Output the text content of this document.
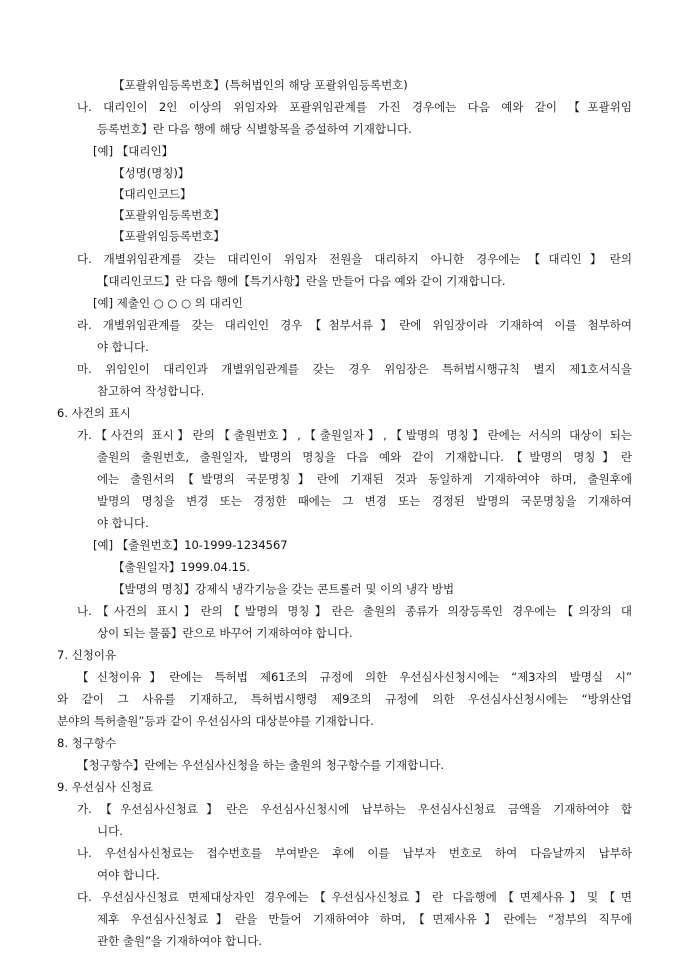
【포괄위임등록번호】(특허법인의 해당 포괄위임등록번호)
나. 대리인이 2인 이상의 위임자와 포괄위임관계를 가진 경우에는 다음 예와 같이 【포괄위임
등록번호】란 다음 행에 해당 식별항목을 증설하여 기재합니다.
[예] 【대리인】
【성명(명칭)】
【대리인코드】
【포괄위임등록번호】
【포괄위임등록번호】
다. 개별위임관계를 갖는 대리인이 위임자 전원을 대리하지 아니한 경우에는【대리인】란의
【대리인코드】란 다음 행에【특기사항】란을 만들어 다음 예와 같이 기재합니다.
[예] 제출인 ○ ○ ○ 의 대리인
라. 개별위임관계를 갖는 대리인인 경우【첨부서류】란에 위임장이라 기재하여 이를 첨부하여
야 합니다.
마. 위임인이 대리인과 개별위임관계를 갖는 경우 위임장은 특허법시행규칙 별지 제1호서식을
참고하여 작성합니다.
6. 사건의 표시
가.【사건의 표시】란의【출원번호】,【출원일자】,【발명의 명칭】란에는 서식의 대상이 되는
출원의 출원번호, 출원일자, 발명의 명칭을 다음 예와 같이 기재합니다.【발명의 명칭】란
에는 출원서의【발명의 국문명칭】란에 기재된 것과 동일하게 기재하여야 하며, 출원후에
발명의 명칭을 변경 또는 경정한 때에는 그 변경 또는 경정된 발명의 국문명칭을 기재하여
야 합니다.
[예] 【출원번호】10-1999-1234567
【출원일자】1999.04.15.
【발명의 명칭】강제식 냉각기능을 갖는 콘트롤러 및 이의 냉각 방법
나.【사건의 표시】란의【발명의 명칭】란은 출원의 종류가 의장등록인 경우에는【의장의 대
상이 되는 물품】란으로 바꾸어 기재하여야 합니다.
7. 신청이유
【신청이유】란에는 특허법 제61조의 규정에 의한 우선심사신청시에는 “제3자의 발명실 시”
와 같이 그 사유를 기재하고, 특허법시행령 제9조의 규정에 의한 우선심사신청시에는 “방위산업
분야의 특허출원”등과 같이 우선심사의 대상분야를 기재합니다.
8. 청구항수
【청구항수】란에는 우선심사신청을 하는 출원의 청구항수를 기재합니다.
9. 우선심사 신청료
가.【우선심사신청료】란은 우선심사신청시에 납부하는 우선심사신청료 금액을 기재하여야 합
니다.
나. 우선심사신청료는 접수번호를 부여받은 후에 이를 납부자 번호로 하여 다음날까지 납부하
여야 합니다.
다. 우선심사신청료 면제대상자인 경우에는【우선심사신청료】란 다음행에【면제사유】및【면
제후 우선심사신청료】란을 만들어 기재하여야 하며,【면제사유】란에는 “정부의 직무에
관한 출원”을 기재하여야 합니다.
